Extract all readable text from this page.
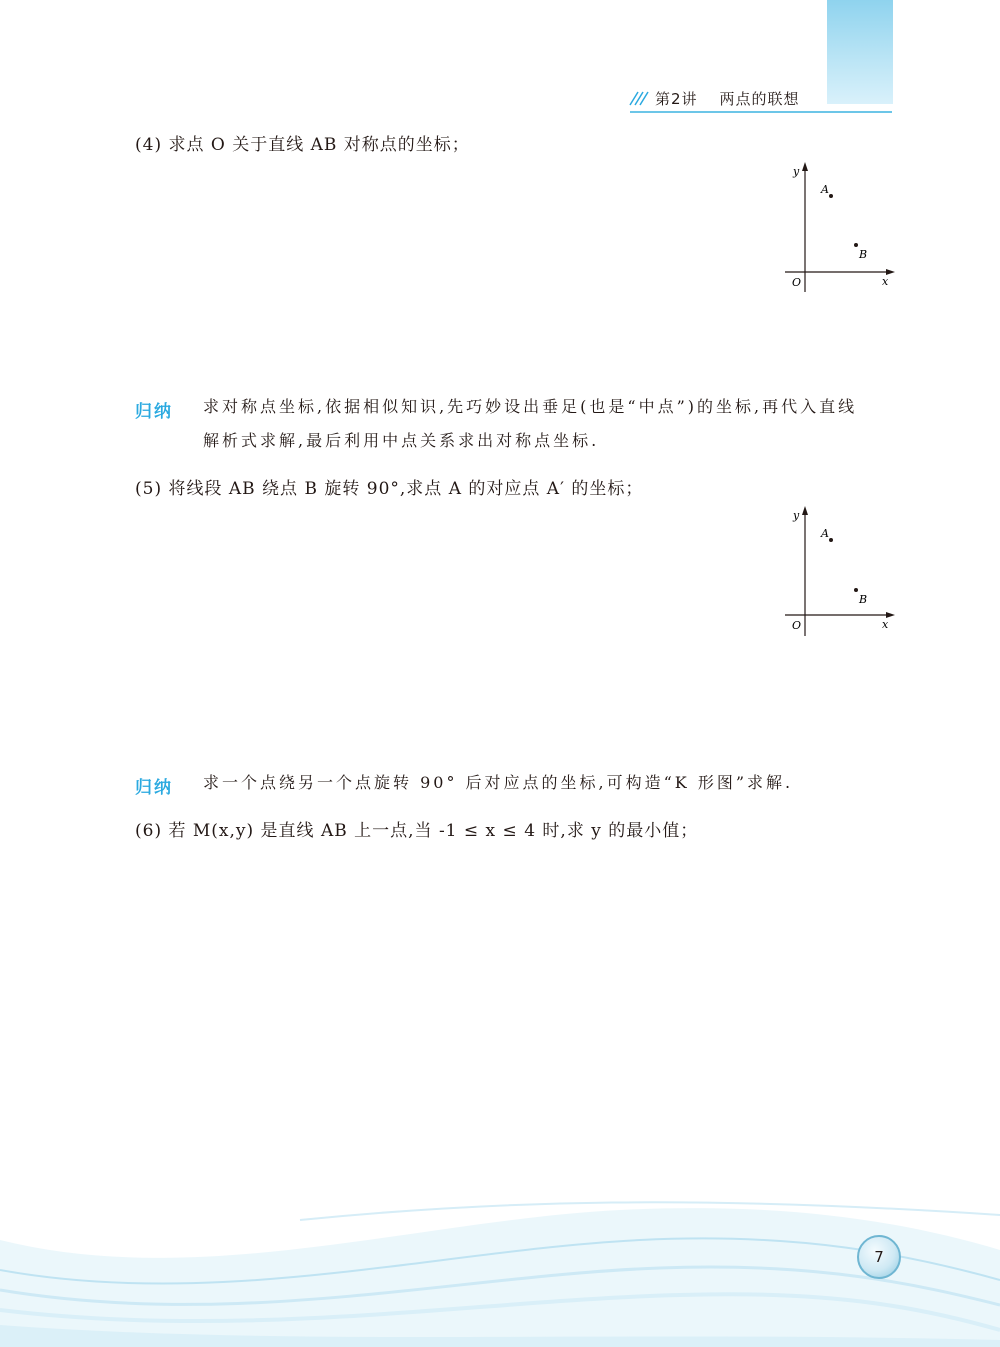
第2讲 两点的联想
(4) 求点 O 关于直线 AB 对称点的坐标；
y
x
O
A
B
归纳 求对称点坐标,依据相似知识,先巧妙设出垂足(也是“中点”)的坐标,再代入直线
解析式求解,最后利用中点关系求出对称点坐标.
(5) 将线段 AB 绕点 B 旋转 90°,求点 A 的对应点 A′ 的坐标；
y
x
O
A
B
归纳 求一个点绕另一个点旋转 90° 后对应点的坐标,可构造“K 形图”求解.
(6) 若 M(x,y) 是直线 AB 上一点,当 -1 ≤ x ≤ 4 时,求 y 的最小值；
7
